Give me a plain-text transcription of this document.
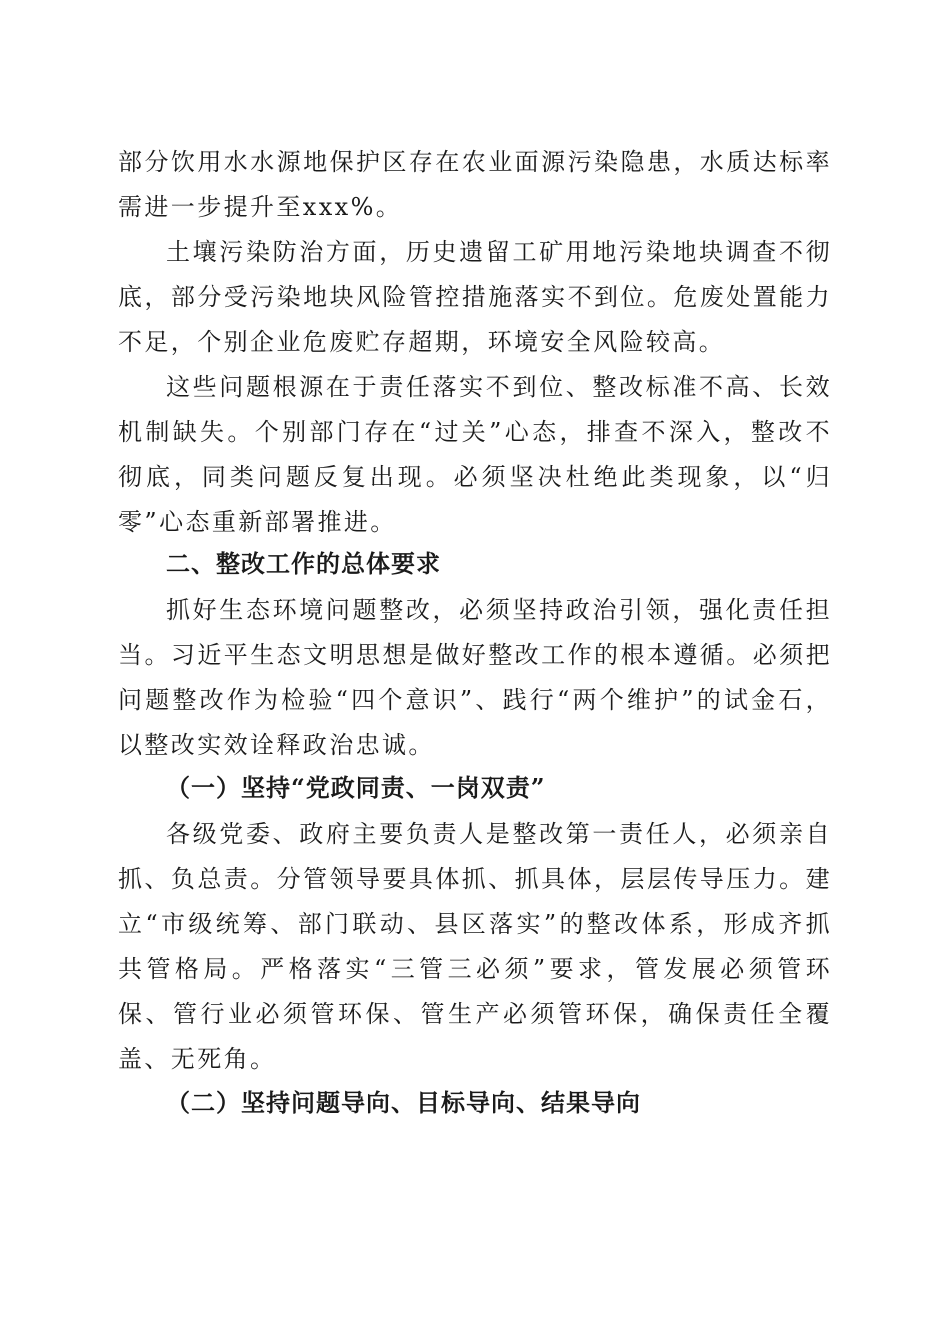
部分饮用水水源地保护区存在农业面源污染隐患，水质达标率需进一步提升至xxx%。

土壤污染防治方面，历史遗留工矿用地污染地块调查不彻底，部分受污染地块风险管控措施落实不到位。危废处置能力不足，个别企业危废贮存超期，环境安全风险较高。

这些问题根源在于责任落实不到位、整改标准不高、长效机制缺失。个别部门存在“过关”心态，排查不深入，整改不彻底，同类问题反复出现。必须坚决杜绝此类现象，以“归零”心态重新部署推进。

二、整改工作的总体要求

抓好生态环境问题整改，必须坚持政治引领，强化责任担当。习近平生态文明思想是做好整改工作的根本遵循。必须把问题整改作为检验“四个意识”、践行“两个维护”的试金石，以整改实效诠释政治忠诚。

（一）坚持“党政同责、一岗双责”

各级党委、政府主要负责人是整改第一责任人，必须亲自抓、负总责。分管领导要具体抓、抓具体，层层传导压力。建立“市级统筹、部门联动、县区落实”的整改体系，形成齐抓共管格局。严格落实“三管三必须”要求，管发展必须管环保、管行业必须管环保、管生产必须管环保，确保责任全覆盖、无死角。

（二）坚持问题导向、目标导向、结果导向
